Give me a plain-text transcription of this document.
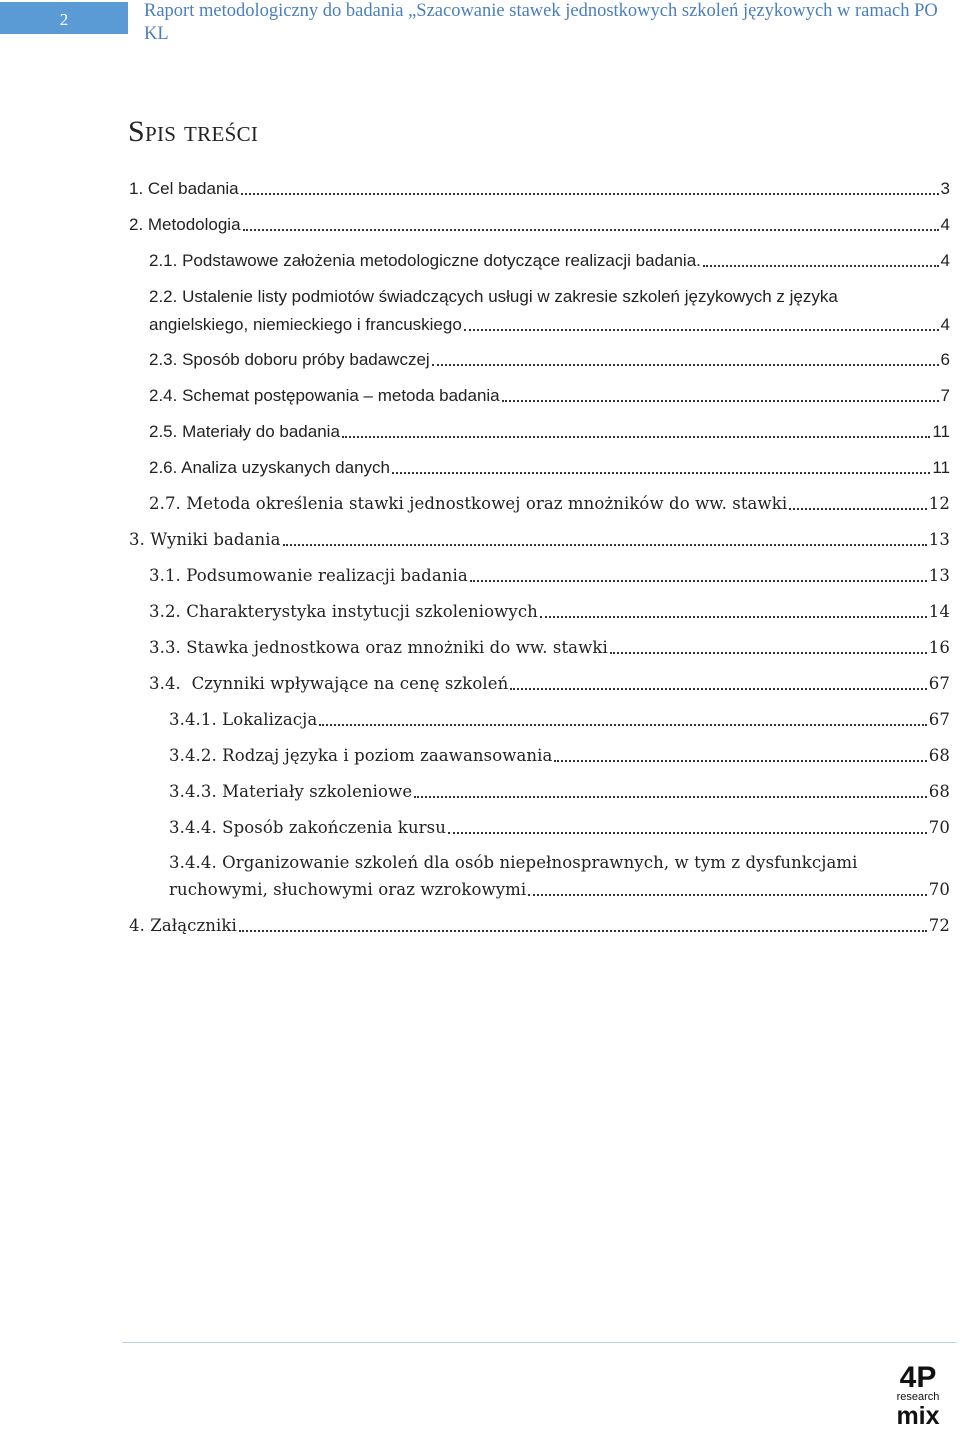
2	Raport metodologiczny do badania „Szacowanie stawek jednostkowych szkoleń językowych w ramach PO KL
Spis treści
1. Cel badania	3
2. Metodologia	4
2.1. Podstawowe założenia metodologiczne dotyczące realizacji badania.	4
2.2. Ustalenie listy podmiotów świadczących usługi w zakresie szkoleń językowych z języka
angielskiego, niemieckiego i francuskiego	4
2.3. Sposób doboru próby badawczej	6
2.4. Schemat postępowania – metoda badania	7
2.5. Materiały do badania	11
2.6. Analiza uzyskanych danych	11
2.7. Metoda określenia stawki jednostkowej oraz mnożników do ww. stawki	12
3. Wyniki badania	13
3.1. Podsumowanie realizacji badania	13
3.2. Charakterystyka instytucji szkoleniowych	14
3.3. Stawka jednostkowa oraz mnożniki do ww. stawki	16
3.4.  Czynniki wpływające na cenę szkoleń	67
3.4.1. Lokalizacja	67
3.4.2. Rodzaj języka i poziom zaawansowania	68
3.4.3. Materiały szkoleniowe	68
3.4.4. Sposób zakończenia kursu	70
3.4.4. Organizowanie szkoleń dla osób niepełnosprawnych, w tym z dysfunkcjami
ruchowymi, słuchowymi oraz wzrokowymi	70
4. Załączniki	72
4P
research
mix
